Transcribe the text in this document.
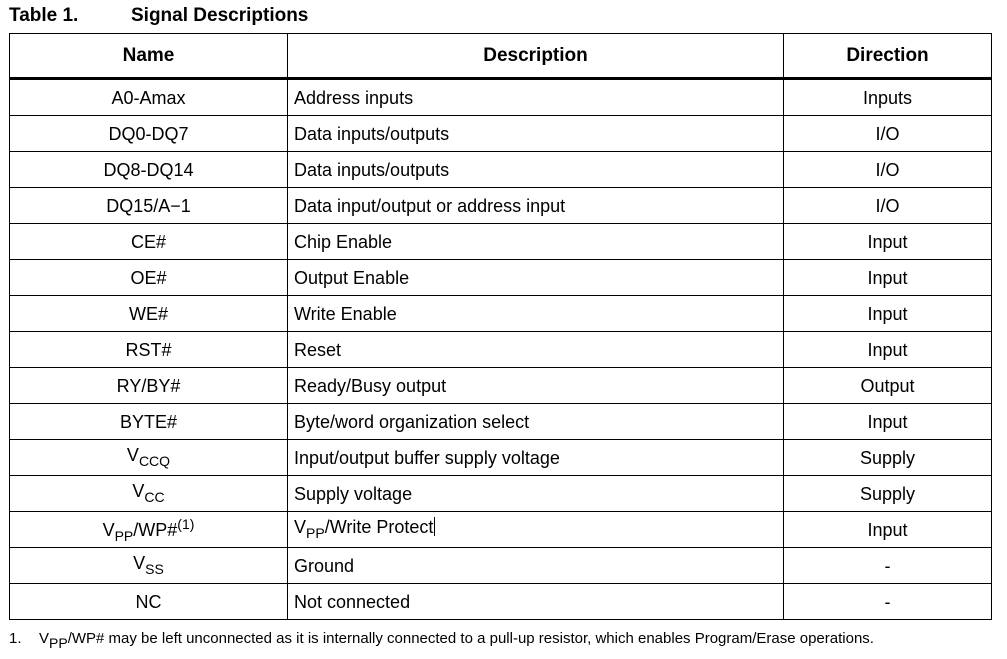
Table 1.	Signal Descriptions
Name	Description	Direction
A0-Amax	Address inputs	Inputs
DQ0-DQ7	Data inputs/outputs	I/O
DQ8-DQ14	Data inputs/outputs	I/O
DQ15/A−1	Data input/output or address input	I/O
CE#	Chip Enable	Input
OE#	Output Enable	Input
WE#	Write Enable	Input
RST#	Reset	Input
RY/BY#	Ready/Busy output	Output
BYTE#	Byte/word organization select	Input
$V_{CCQ}$	Input/output buffer supply voltage	Supply
$V_{CC}$	Supply voltage	Supply
$V_{PP}/WP\#^{(1)}$	$V_{PP}$/Write Protect	Input
$V_{SS}$	Ground	-
NC	Not connected	-
1. VPP/WP# may be left unconnected as it is internally connected to a pull-up resistor, which enables Program/Erase operations.
